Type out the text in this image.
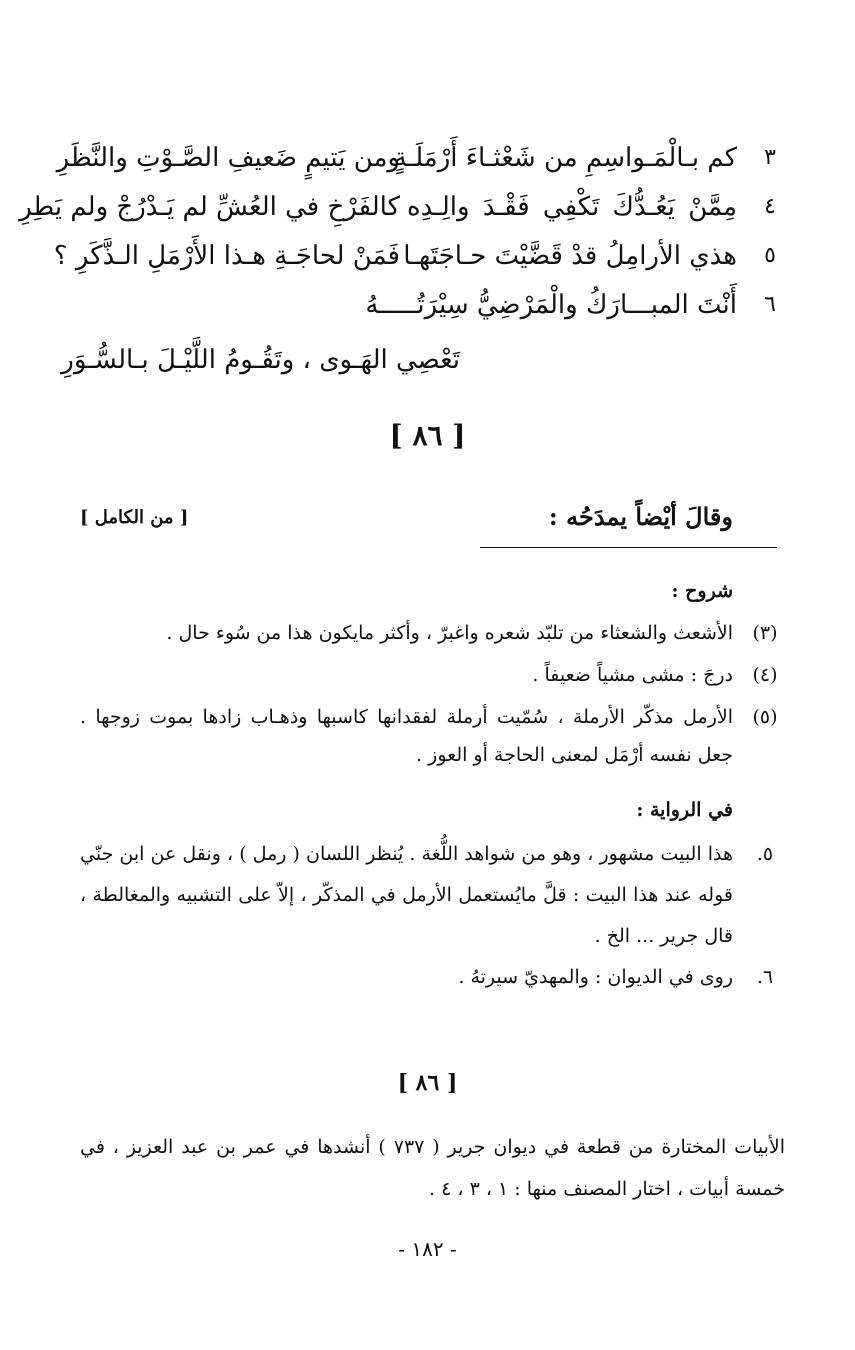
٣
كم بـالْمَـواسِمِ من شَعْثـاءَ أَرْمَلَـةٍ
ومن يَتيمٍ ضَعيفِ الصَّـوْتِ والنَّظَرِ
٤
مِمَّنْ يَعُـدُّكَ تَكْفِي فَقْـدَ والِـدِه
كالفَرْخِ في العُشِّ لم يَـدْرُجْ ولم يَطِرِ
٥
هذي الأرامِلُ قدْ قَضَّيْتَ حـاجَتَهـا
فَمَنْ لحاجَـةِ هـذا الأَرْمَلِ الـذَّكَرِ ؟
٦
أَنْتَ المبـــارَكُ والْمَرْضِيُّ سِيْرَتُـــــهُ
تَعْصِي الهَـوى ، وتَقُـومُ اللَّيْـلَ بـالسُّـوَرِ
[ ٨٦ ]
وقالَ أيْضاً يمدَحُه :
[ من الكامل ]
شروح :
(٣)
الأشعث والشعثاء من تلبّد شعره واغبرّ ، وأكثر مايكون هذا من سُوء حال .
(٤)
درجَ : مشى مشياً ضعيفاً .
(٥)
الأرمل مذكّر الأرملة ، سُمّيت أرملة لفقدانها كاسبها وذهـاب زادها بموت زوجها . جعل نفسه أرْمَل لمعنى الحاجة أو العوز .
في الرواية :
٥.
هذا البيت مشهور ، وهو من شواهد اللُّغة . يُنظر اللسان ( رمل ) ، ونقل عن ابن جنّي قوله عند هذا البيت : قلَّ مايُستعمل الأرمل في المذكّر ، إلاّ على التشبيه والمغالطة ، قال جرير ... الخ .
٦.
روى في الديوان : والمهديّ سيرتهُ .
[ ٨٦ ]
الأبيات المختارة من قطعة في ديوان جرير ( ٧٣٧ ) أنشدها في عمر بن عبد العزيز ، في خمسة أبيات ، اختار المصنف منها : ١ ، ٣ ، ٤ .
- ١٨٢ -
